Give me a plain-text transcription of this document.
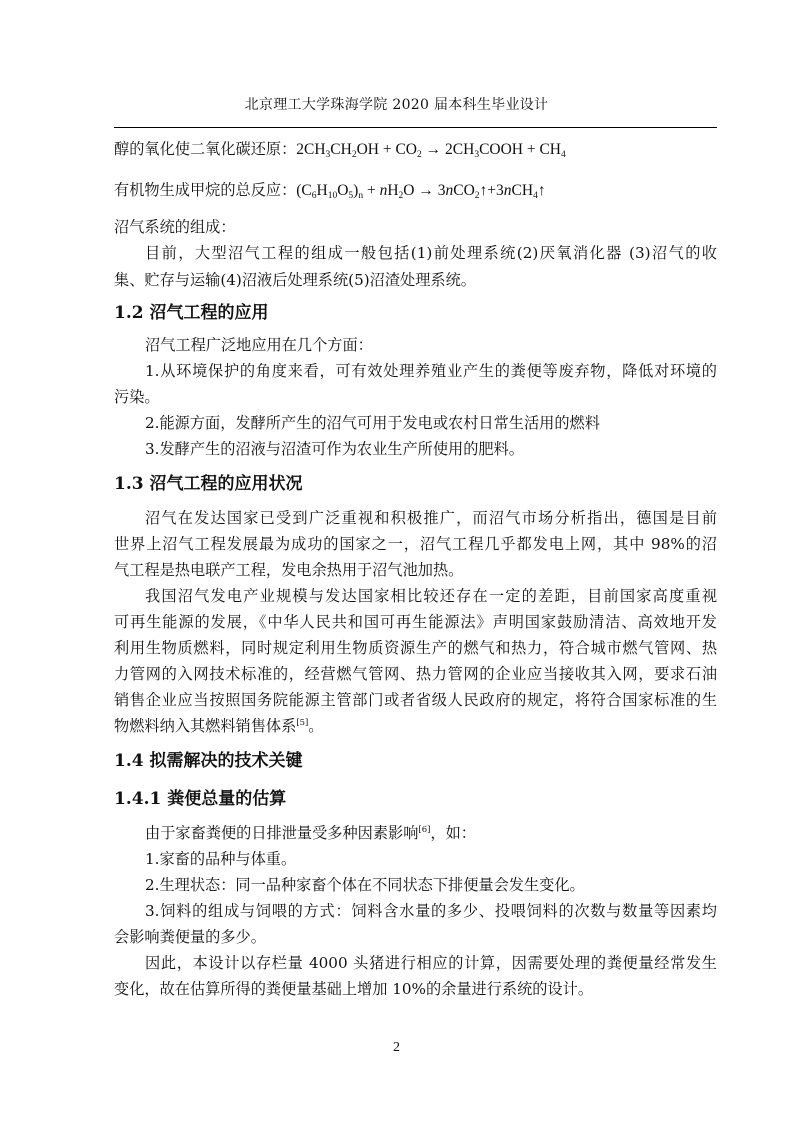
北京理工大学珠海学院 2020 届本科生毕业设计
醇的氧化使二氧化碳还原：$2CH_3CH_2OH + CO_2$ → $2CH_3COOH + CH_4$
有机物生成甲烷的总反应：$(C_6H_{10}O_5)_n + nH_2O$ → 3nCO$_2$↑+3nCH$_4$↑
沼气系统的组成：
目前，大型沼气工程的组成一般包括(1)前处理系统(2)厌氧消化器 (3)沼气的收
集、贮存与运输(4)沼液后处理系统(5)沼渣处理系统。
1.2 沼气工程的应用
沼气工程广泛地应用在几个方面：
1.从环境保护的角度来看，可有效处理养殖业产生的粪便等废弃物，降低对环境的
污染。
2.能源方面，发酵所产生的沼气可用于发电或农村日常生活用的燃料
3.发酵产生的沼液与沼渣可作为农业生产所使用的肥料。
1.3 沼气工程的应用状况
沼气在发达国家已受到广泛重视和积极推广，而沼气市场分析指出，德国是目前
世界上沼气工程发展最为成功的国家之一，沼气工程几乎都发电上网，其中 98%的沼
气工程是热电联产工程，发电余热用于沼气池加热。
我国沼气发电产业规模与发达国家相比较还存在一定的差距，目前国家高度重视
可再生能源的发展，《中华人民共和国可再生能源法》声明国家鼓励清洁、高效地开发
利用生物质燃料，同时规定利用生物质资源生产的燃气和热力，符合城市燃气管网、热
力管网的入网技术标准的，经营燃气管网、热力管网的企业应当接收其入网，要求石油
销售企业应当按照国务院能源主管部门或者省级人民政府的规定，将符合国家标准的生
物燃料纳入其燃料销售体系[5]。
1.4 拟需解决的技术关键
1.4.1 粪便总量的估算
由于家畜粪便的日排泄量受多种因素影响[6]，如：
1.家畜的品种与体重。
2.生理状态：同一品种家畜个体在不同状态下排便量会发生变化。
3.饲料的组成与饲喂的方式：饲料含水量的多少、投喂饲料的次数与数量等因素均
会影响粪便量的多少。
因此，本设计以存栏量 4000 头猪进行相应的计算，因需要处理的粪便量经常发生
变化，故在估算所得的粪便量基础上增加 10%的余量进行系统的设计。
2
